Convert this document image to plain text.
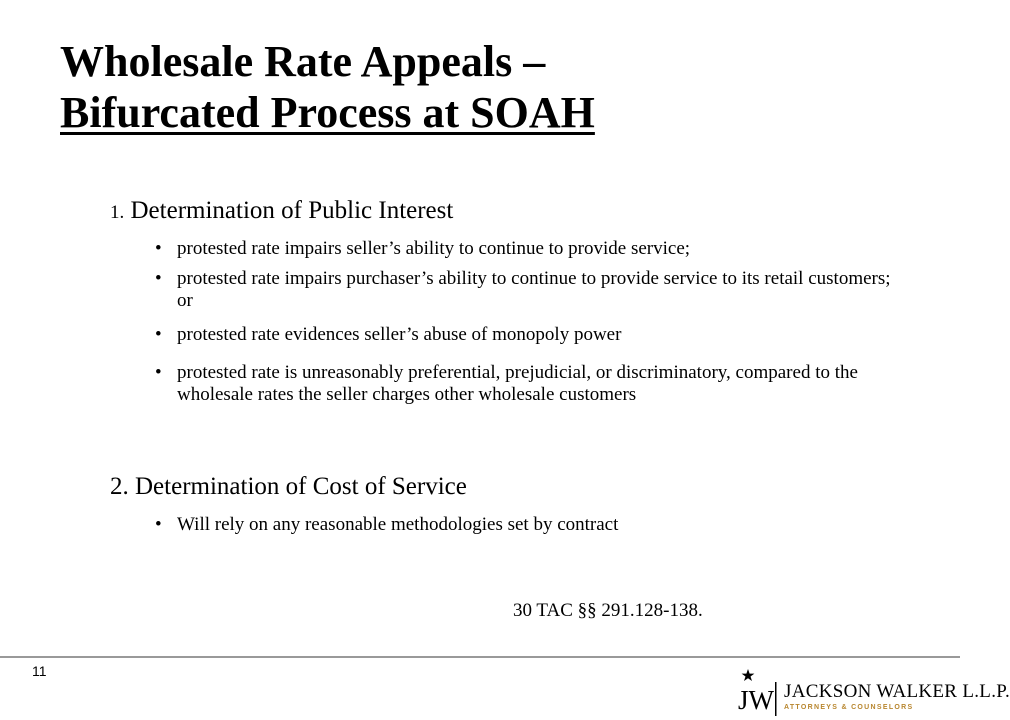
Wholesale Rate Appeals –
Bifurcated Process at SOAH
1. Determination of Public Interest
• protested rate impairs seller’s ability to continue to provide service;
• protested rate impairs purchaser’s ability to continue to provide service to its retail customers; or
• protested rate evidences seller’s abuse of monopoly power
• protested rate is unreasonably preferential, prejudicial, or discriminatory, compared to the wholesale rates the seller charges other wholesale customers
2. Determination of Cost of Service
• Will rely on any reasonable methodologies set by contract
30 TAC §§ 291.128-138.
11
JW JACKSON WALKER L.L.P.
ATTORNEYS & COUNSELORS
